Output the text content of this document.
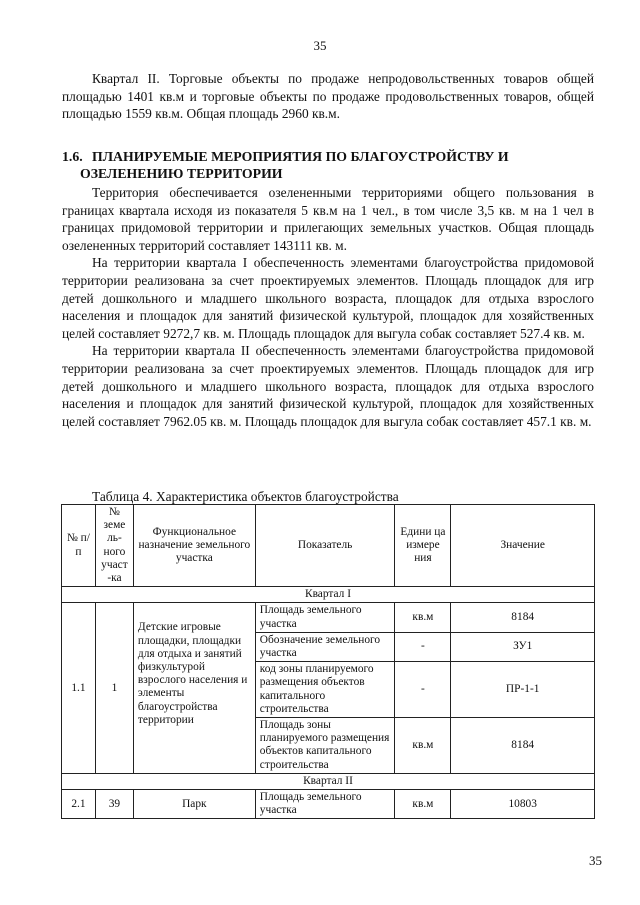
35

Квартал II. Торговые объекты по продаже непродовольственных товаров общей площадью 1401 кв.м и торговые объекты по продаже продовольственных товаров, общей площадью 1559 кв.м. Общая площадь 2960 кв.м.

1.6. ПЛАНИРУЕМЫЕ МЕРОПРИЯТИЯ ПО БЛАГОУСТРОЙСТВУ И
ОЗЕЛЕНЕНИЮ ТЕРРИТОРИИ

Территория обеспечивается озелененными территориями общего пользования в границах квартала исходя из показателя 5 кв.м на 1 чел., в том числе 3,5 кв. м на 1 чел в границах придомовой территории и прилегающих земельных участков. Общая площадь озелененных территорий составляет 143111 кв. м.

На территории квартала I обеспеченность элементами благоустройства придомовой территории реализована за счет проектируемых элементов. Площадь площадок для игр детей дошкольного и младшего школьного возраста, площадок для отдыха взрослого населения и площадок для занятий физической культурой, площадок для хозяйственных целей составляет 9272,7 кв. м. Площадь площадок для выгула собак составляет 527.4 кв. м.

На территории квартала II обеспеченность элементами благоустройства придомовой территории реализована за счет проектируемых элементов. Площадь площадок для игр детей дошкольного и младшего школьного возраста, площадок для отдыха взрослого населения и площадок для занятий физической культурой, площадок для хозяйственных целей составляет 7962.05 кв. м. Площадь площадок для выгула собак составляет 457.1 кв. м.

Таблица 4. Характеристика объектов благоустройства
№ п/п	№ земе ль-ного участ -ка	Функциональное назначение земельного участка	Показатель	Едини ца измере ния	Значение
Квартал I					
1.1	1	Детские игровые площадки, площадки для отдыха и занятий физкультурой взрослого населения и элементы благоустройства территории	Площадь земельного участка	кв.м	8184
			Обозначение земельного участка	-	ЗУ1
			код зоны планируемого размещения объектов капитального строительства	-	ПР-1-1
			Площадь зоны планируемого размещения объектов капитального строительства	кв.м	8184
Квартал II					
2.1	39	Парк	Площадь земельного участка	кв.м	10803
35
